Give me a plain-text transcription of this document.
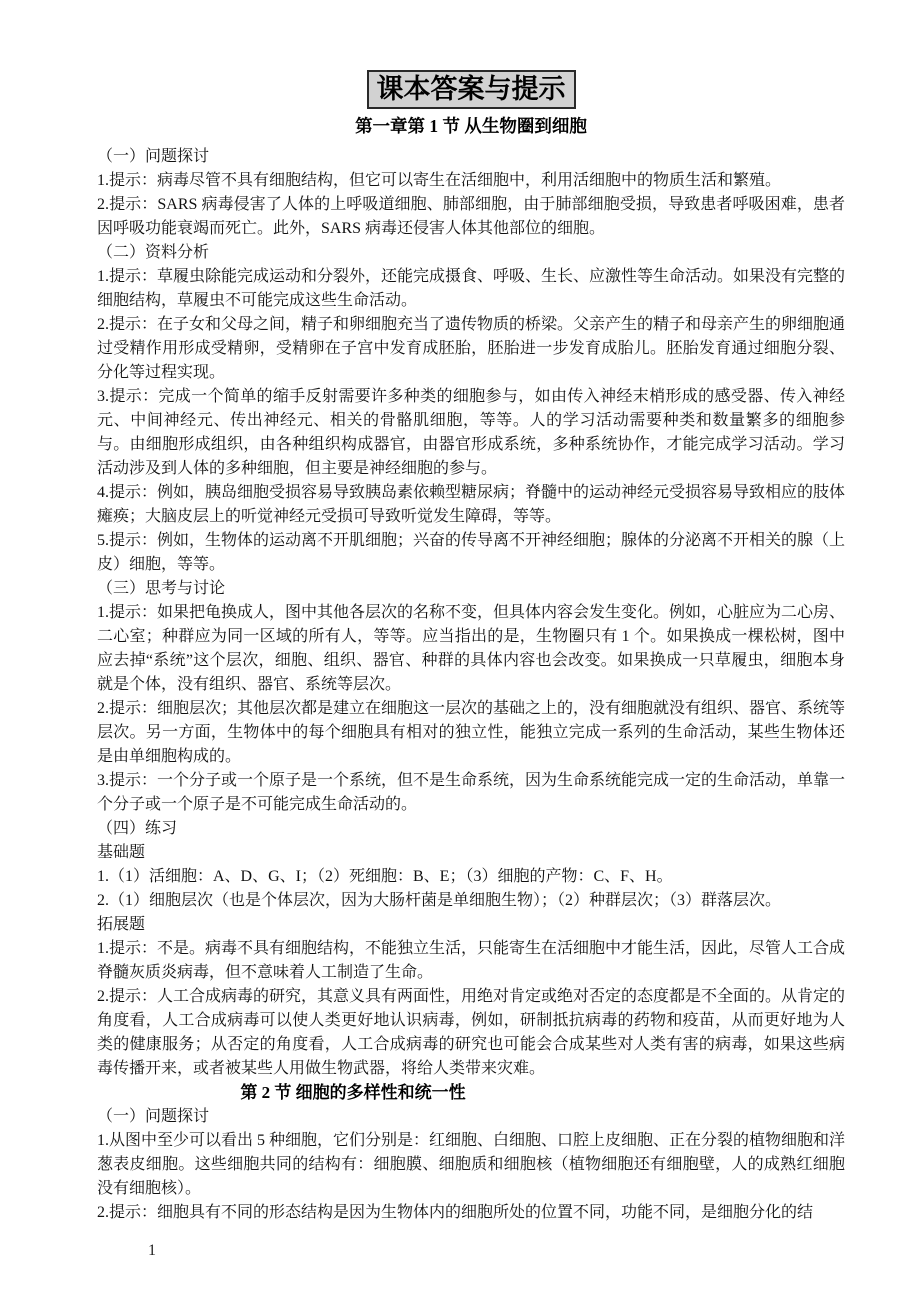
课本答案与提示

第一章第 1 节 从生物圈到细胞

（一）问题探讨

1.提示：病毒尽管不具有细胞结构，但它可以寄生在活细胞中，利用活细胞中的物质生活和繁殖。

2.提示：SARS 病毒侵害了人体的上呼吸道细胞、肺部细胞，由于肺部细胞受损，导致患者呼吸困难，患者因呼吸功能衰竭而死亡。此外，SARS 病毒还侵害人体其他部位的细胞。

（二）资料分析

1.提示：草履虫除能完成运动和分裂外，还能完成摄食、呼吸、生长、应激性等生命活动。如果没有完整的细胞结构，草履虫不可能完成这些生命活动。

2.提示：在子女和父母之间，精子和卵细胞充当了遗传物质的桥梁。父亲产生的精子和母亲产生的卵细胞通过受精作用形成受精卵，受精卵在子宫中发育成胚胎，胚胎进一步发育成胎儿。胚胎发育通过细胞分裂、分化等过程实现。

3.提示：完成一个简单的缩手反射需要许多种类的细胞参与，如由传入神经末梢形成的感受器、传入神经元、中间神经元、传出神经元、相关的骨骼肌细胞，等等。人的学习活动需要种类和数量繁多的细胞参与。由细胞形成组织，由各种组织构成器官，由器官形成系统，多种系统协作，才能完成学习活动。学习活动涉及到人体的多种细胞，但主要是神经细胞的参与。

4.提示：例如，胰岛细胞受损容易导致胰岛素依赖型糖尿病；脊髓中的运动神经元受损容易导致相应的肢体瘫痪；大脑皮层上的听觉神经元受损可导致听觉发生障碍，等等。

5.提示：例如，生物体的运动离不开肌细胞；兴奋的传导离不开神经细胞；腺体的分泌离不开相关的腺（上皮）细胞，等等。

（三）思考与讨论

1.提示：如果把龟换成人，图中其他各层次的名称不变，但具体内容会发生变化。例如，心脏应为二心房、二心室；种群应为同一区域的所有人，等等。应当指出的是，生物圈只有 1 个。如果换成一棵松树，图中应去掉“系统”这个层次，细胞、组织、器官、种群的具体内容也会改变。如果换成一只草履虫，细胞本身就是个体，没有组织、器官、系统等层次。

2.提示：细胞层次；其他层次都是建立在细胞这一层次的基础之上的，没有细胞就没有组织、器官、系统等层次。另一方面，生物体中的每个细胞具有相对的独立性，能独立完成一系列的生命活动，某些生物体还是由单细胞构成的。

3.提示：一个分子或一个原子是一个系统，但不是生命系统，因为生命系统能完成一定的生命活动，单靠一个分子或一个原子是不可能完成生命活动的。

（四）练习

基础题

1.（1）活细胞：A、D、G、I；（2）死细胞：B、E；（3）细胞的产物：C、F、H。

2.（1）细胞层次（也是个体层次，因为大肠杆菌是单细胞生物）；（2）种群层次；（3）群落层次。

拓展题

1.提示：不是。病毒不具有细胞结构，不能独立生活，只能寄生在活细胞中才能生活，因此，尽管人工合成脊髓灰质炎病毒，但不意味着人工制造了生命。

2.提示：人工合成病毒的研究，其意义具有两面性，用绝对肯定或绝对否定的态度都是不全面的。从肯定的角度看，人工合成病毒可以使人类更好地认识病毒，例如，研制抵抗病毒的药物和疫苗，从而更好地为人类的健康服务；从否定的角度看，人工合成病毒的研究也可能会合成某些对人类有害的病毒，如果这些病毒传播开来，或者被某些人用做生物武器，将给人类带来灾难。

第 2 节 细胞的多样性和统一性

（一）问题探讨

1.从图中至少可以看出 5 种细胞，它们分别是：红细胞、白细胞、口腔上皮细胞、正在分裂的植物细胞和洋葱表皮细胞。这些细胞共同的结构有：细胞膜、细胞质和细胞核（植物细胞还有细胞壁，人的成熟红细胞没有细胞核）。

2.提示：细胞具有不同的形态结构是因为生物体内的细胞所处的位置不同，功能不同，是细胞分化的结

1
